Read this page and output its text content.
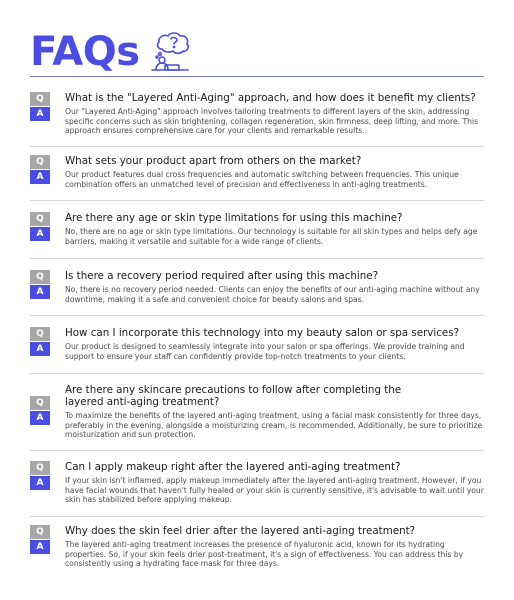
FAQs
Q
A
What is the "Layered Anti-Aging" approach, and how does it benefit my clients?
Our "Layered Anti-Aging" approach involves tailoring treatments to different layers of the skin, addressing specific concerns such as skin brightening, collagen regeneration, skin firmness, deep lifting, and more. This approach ensures comprehensive care for your clients and remarkable results.
Q
A
What sets your product apart from others on the market?
Our product features dual cross frequencies and automatic switching between frequencies. This unique combination offers an unmatched level of precision and effectiveness in anti-aging treatments.
Q
A
Are there any age or skin type limitations for using this machine?
No, there are no age or skin type limitations. Our technology is suitable for all skin types and helps defy age barriers, making it versatile and suitable for a wide range of clients.
Q
A
Is there a recovery period required after using this machine?
No, there is no recovery period needed. Clients can enjoy the benefits of our anti-aging machine without any downtime, making it a safe and convenient choice for beauty salons and spas.
Q
A
How can I incorporate this technology into my beauty salon or spa services?
Our product is designed to seamlessly integrate into your salon or spa offerings. We provide training and support to ensure your staff can confidently provide top-notch treatments to your clients.
Q
A
Are there any skincare precautions to follow after completing the layered anti-aging treatment?
To maximize the benefits of the layered anti-aging treatment, using a facial mask consistently for three days, preferably in the evening, alongside a moisturizing cream, is recommended. Additionally, be sure to prioritize moisturization and sun protection.
Q
A
Can I apply makeup right after the layered anti-aging treatment?
If your skin isn't inflamed, apply makeup immediately after the layered anti-aging treatment. However, if you have facial wounds that haven't fully healed or your skin is currently sensitive, it's advisable to wait until your skin has stabilized before applying makeup.
Q
A
Why does the skin feel drier after the layered anti-aging treatment?
The layered anti-aging treatment increases the presence of hyaluronic acid, known for its hydrating properties. So, if your skin feels drier post-treatment, it's a sign of effectiveness. You can address this by consistently using a hydrating face mask for three days.
